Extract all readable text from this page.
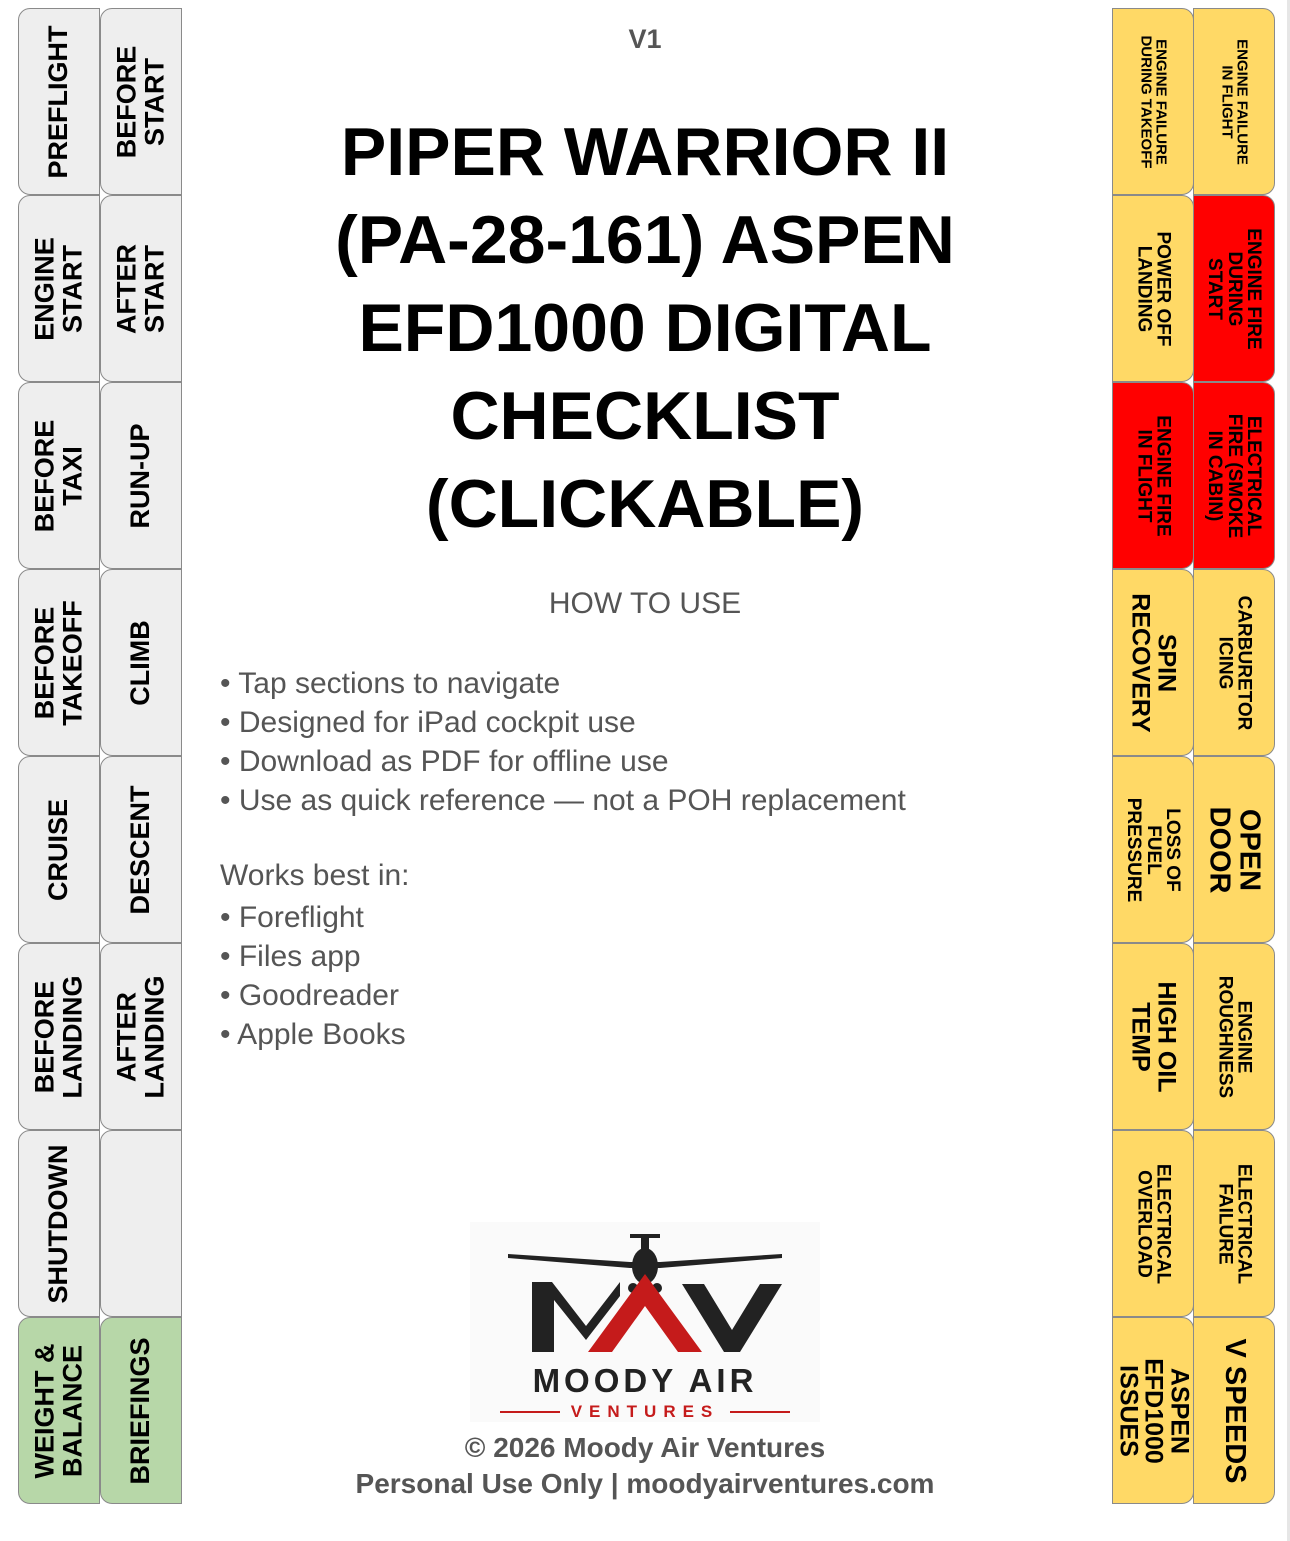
PREFLIGHT
ENGINE
START
BEFORE
TAXI
BEFORE
TAKEOFF
CRUISE
BEFORE
LANDING
SHUTDOWN
WEIGHT &
BALANCE
BEFORE
START
AFTER
START
RUN-UP
CLIMB
DESCENT
AFTER
LANDING
BRIEFINGS
ENGINE FAILURE
DURING TAKEOFF
POWER OFF
LANDING
ENGINE FIRE
IN FLIGHT
SPIN
RECOVERY
LOSS OF
FUEL
PRESSURE
HIGH OIL
TEMP
ELECTRICAL
OVERLOAD
ASPEN
EFD1000
ISSUES
ENGINE FAILURE
IN FLIGHT
ENGINE FIRE
DURING
START
ELECTRICAL
FIRE (SMOKE
IN CABIN)
CARBURETOR
ICING
OPEN
DOOR
ENGINE
ROUGHNESS
ELECTRICAL
FAILURE
V SPEEDS
V1
PIPER WARRIOR II
(PA-28-161) ASPEN
EFD1000 DIGITAL
CHECKLIST
(CLICKABLE)
HOW TO USE
• Tap sections to navigate
• Designed for iPad cockpit use
• Download as PDF for offline use
• Use as quick reference — not a POH replacement
Works best in:
• Foreflight
• Files app
• Goodreader
• Apple Books
MOODY AIR
VENTURES
© 2026 Moody Air Ventures
Personal Use Only | moodyairventures.com
